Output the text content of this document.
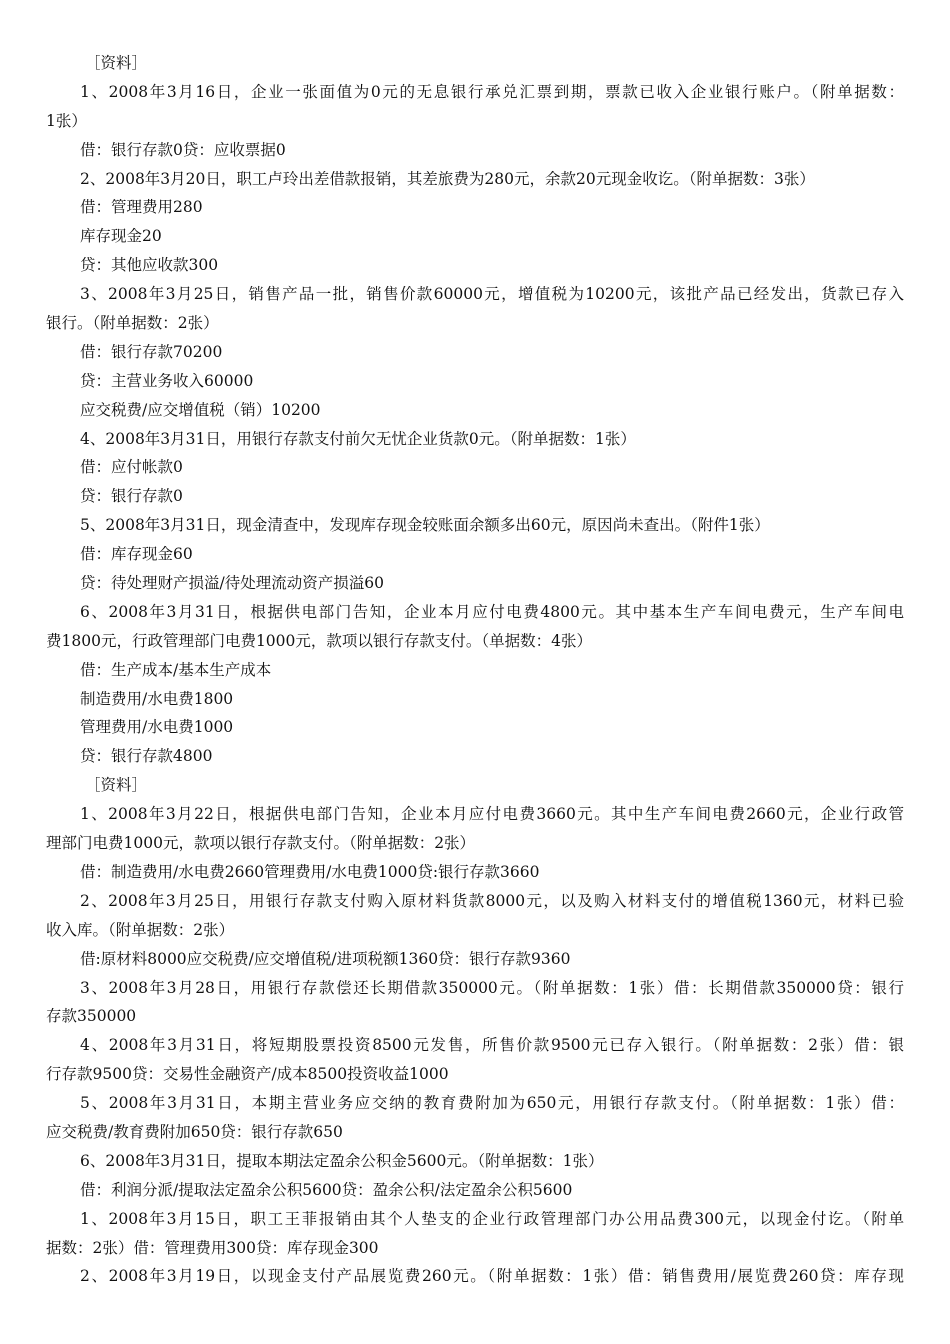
［资料］
1、2008年3月16日，企业一张面值为0元的无息银行承兑汇票到期，票款已收入企业银行账户。（附单据数：
1张）
借：银行存款0贷：应收票据0
2、2008年3月20日，职工卢玲出差借款报销，其差旅费为280元，余款20元现金收讫。（附单据数：3张）
借：管理费用280
库存现金20
贷：其他应收款300
3、2008年3月25日，销售产品一批，销售价款60000元，增值税为10200元，该批产品已经发出，货款已存入
银行。（附单据数：2张）
借：银行存款70200
贷：主营业务收入60000
应交税费/应交增值税（销）10200
4、2008年3月31日，用银行存款支付前欠无忧企业货款0元。（附单据数：1张）
借：应付帐款0
贷：银行存款0
5、2008年3月31日，现金清查中，发现库存现金较账面余额多出60元，原因尚未查出。（附件1张）
借：库存现金60
贷：待处理财产损溢/待处理流动资产损溢60
6、2008年3月31日，根据供电部门告知，企业本月应付电费4800元。其中基本生产车间电费元，生产车间电
费1800元，行政管理部门电费1000元，款项以银行存款支付。（单据数：4张）
借：生产成本/基本生产成本
制造费用/水电费1800
管理费用/水电费1000
贷：银行存款4800
［资料］
1、2008年3月22日，根据供电部门告知，企业本月应付电费3660元。其中生产车间电费2660元，企业行政管
理部门电费1000元，款项以银行存款支付。（附单据数：2张）
借：制造费用/水电费2660管理费用/水电费1000贷:银行存款3660
2、2008年3月25日，用银行存款支付购入原材料货款8000元，以及购入材料支付的增值税1360元，材料已验
收入库。（附单据数：2张）
借:原材料8000应交税费/应交增值税/进项税额1360贷：银行存款9360
3、2008年3月28日，用银行存款偿还长期借款350000元。（附单据数：1张）借：长期借款350000贷：银行
存款350000
4、2008年3月31日，将短期股票投资8500元发售，所售价款9500元已存入银行。（附单据数：2张）借：银
行存款9500贷：交易性金融资产/成本8500投资收益1000
5、2008年3月31日，本期主营业务应交纳的教育费附加为650元，用银行存款支付。（附单据数：1张）借：
应交税费/教育费附加650贷：银行存款650
6、2008年3月31日，提取本期法定盈余公积金5600元。（附单据数：1张）
借：利润分派/提取法定盈余公积5600贷：盈余公积/法定盈余公积5600
1、2008年3月15日，职工王菲报销由其个人垫支的企业行政管理部门办公用品费300元，以现金付讫。（附单
据数：2张）借：管理费用300贷：库存现金300
2、2008年3月19日，以现金支付产品展览费260元。（附单据数：1张）借：销售费用/展览费260贷：库存现
